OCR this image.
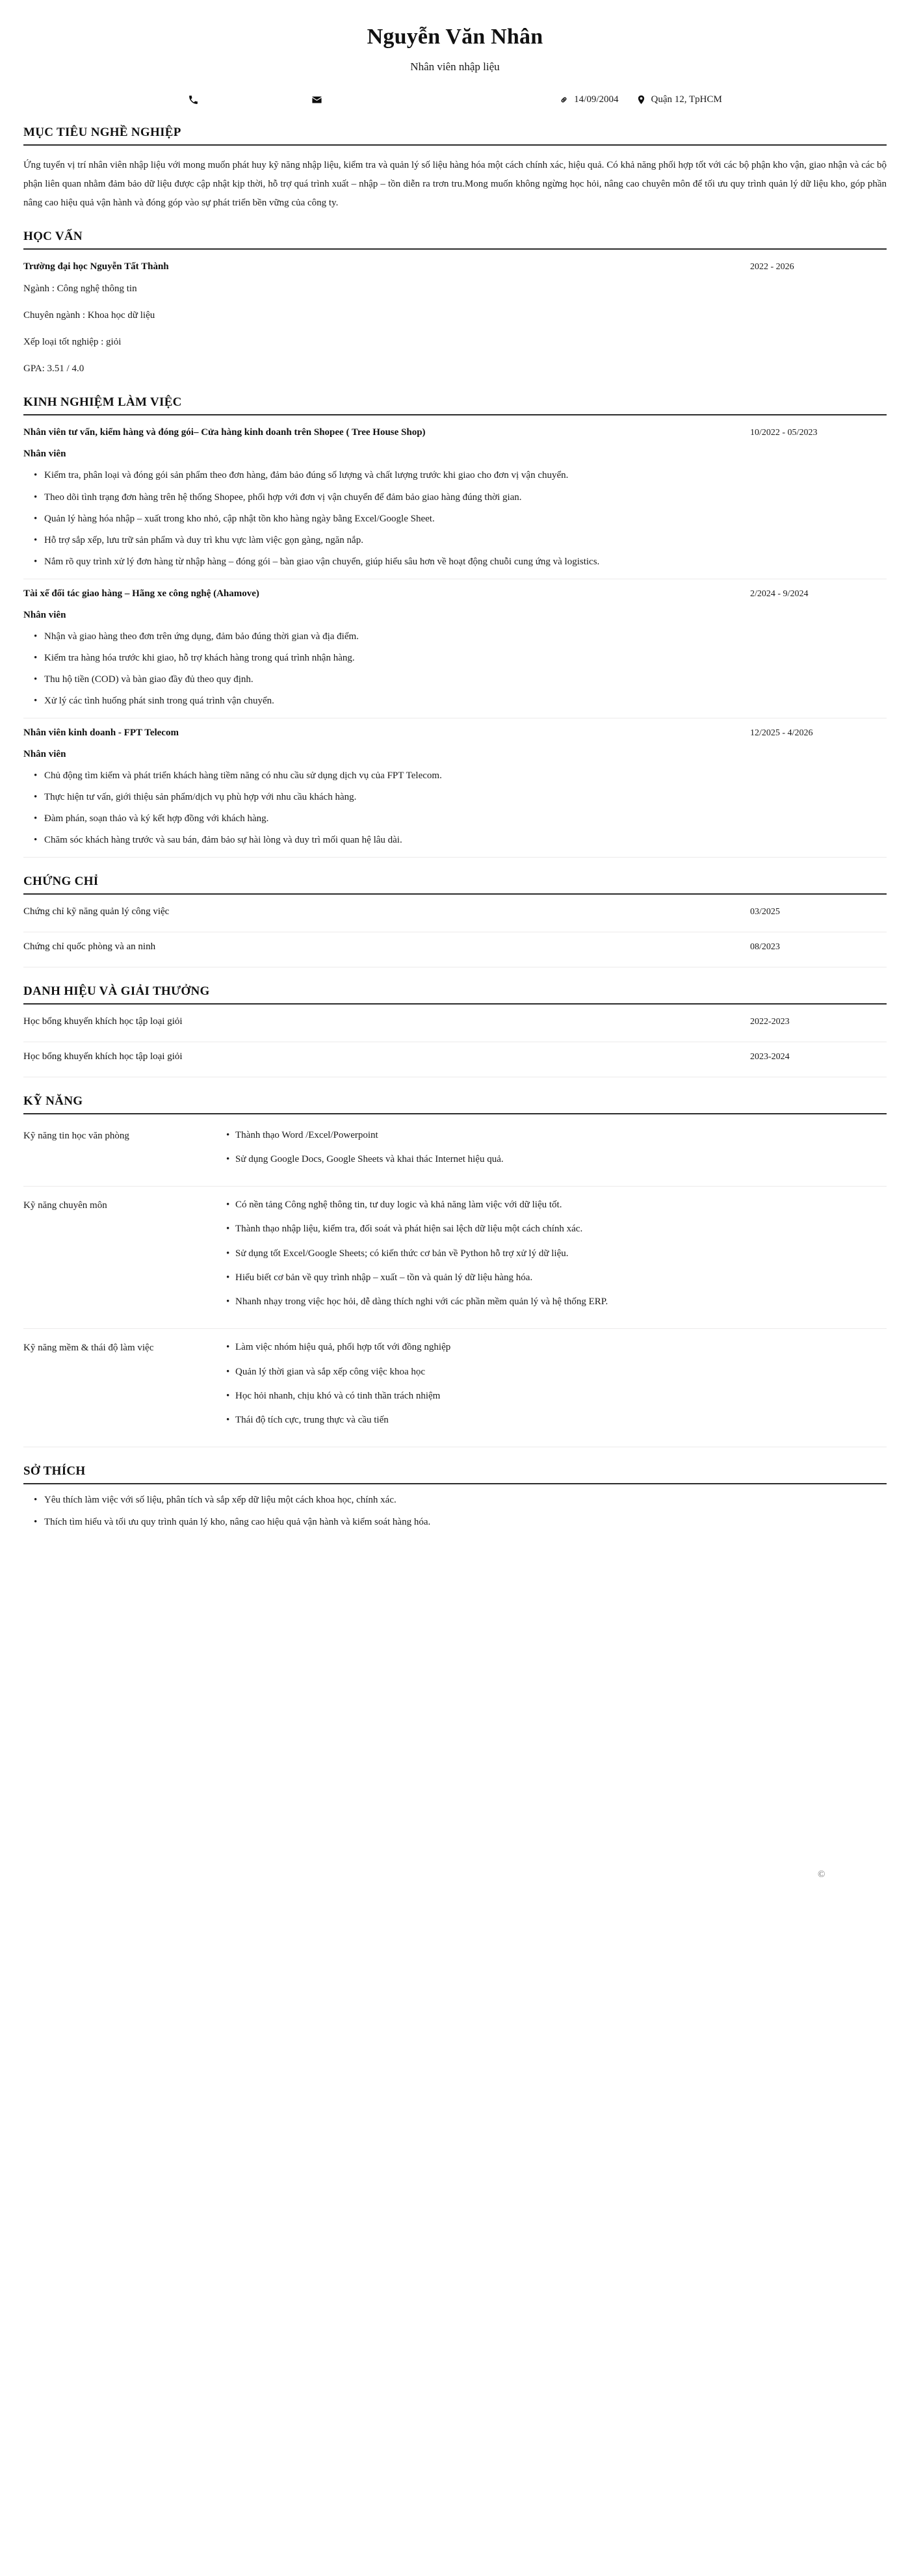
Nguyễn Văn Nhân
Nhân viên nhập liệu
14/09/2004	Quận 12, TpHCM
MỤC TIÊU NGHỀ NGHIỆP
Ứng tuyển vị trí nhân viên nhập liệu với mong muốn phát huy kỹ năng nhập liệu, kiểm tra và quản lý số liệu hàng hóa một cách chính xác, hiệu quả. Có khả năng phối hợp tốt với các bộ phận kho vận, giao nhận và các bộ phận liên quan nhằm đảm bảo dữ liệu được cập nhật kịp thời, hỗ trợ quá trình xuất – nhập – tồn diễn ra trơn tru.Mong muốn không ngừng học hỏi, nâng cao chuyên môn để tối ưu quy trình quản lý dữ liệu kho, góp phần nâng cao hiệu quả vận hành và đóng góp vào sự phát triển bền vững của công ty.
HỌC VẤN
Trường đại học Nguyễn Tất Thành	2022 - 2026
Ngành : Công nghệ thông tin
Chuyên ngành : Khoa học dữ liệu
Xếp loại tốt nghiệp : giỏi
GPA: 3.51 / 4.0
KINH NGHIỆM LÀM VIỆC
Nhân viên tư vấn, kiểm hàng và đóng gói– Cửa hàng kinh doanh trên Shopee ( Tree House Shop)	10/2022 - 05/2023
Nhân viên
• Kiểm tra, phân loại và đóng gói sản phẩm theo đơn hàng, đảm bảo đúng số lượng và chất lượng trước khi giao cho đơn vị vận chuyển.
• Theo dõi tình trạng đơn hàng trên hệ thống Shopee, phối hợp với đơn vị vận chuyển để đảm bảo giao hàng đúng thời gian.
• Quản lý hàng hóa nhập – xuất trong kho nhỏ, cập nhật tồn kho hàng ngày bằng Excel/Google Sheet.
• Hỗ trợ sắp xếp, lưu trữ sản phẩm và duy trì khu vực làm việc gọn gàng, ngăn nắp.
• Nắm rõ quy trình xử lý đơn hàng từ nhập hàng – đóng gói – bàn giao vận chuyển, giúp hiểu sâu hơn về hoạt động chuỗi cung ứng và logistics.
Tài xế đối tác giao hàng – Hãng xe công nghệ (Ahamove)	2/2024 - 9/2024
Nhân viên
• Nhận và giao hàng theo đơn trên ứng dụng, đảm bảo đúng thời gian và địa điểm.
• Kiểm tra hàng hóa trước khi giao, hỗ trợ khách hàng trong quá trình nhận hàng.
• Thu hộ tiền (COD) và bàn giao đầy đủ theo quy định.
• Xử lý các tình huống phát sinh trong quá trình vận chuyển.
Nhân viên kinh doanh - FPT Telecom	12/2025 - 4/2026
Nhân viên
• Chủ động tìm kiếm và phát triển khách hàng tiềm năng có nhu cầu sử dụng dịch vụ của FPT Telecom.
• Thực hiện tư vấn, giới thiệu sản phẩm/dịch vụ phù hợp với nhu cầu khách hàng.
• Đàm phán, soạn thảo và ký kết hợp đồng với khách hàng.
• Chăm sóc khách hàng trước và sau bán, đảm bảo sự hài lòng và duy trì mối quan hệ lâu dài.
CHỨNG CHỈ
Chứng chỉ kỹ năng quản lý công việc	03/2025
Chứng chỉ quốc phòng và an ninh	08/2023
DANH HIỆU VÀ GIẢI THƯỞNG
Học bổng khuyến khích học tập loại giỏi	2022-2023
Học bổng khuyến khích học tập loại giỏi	2023-2024
KỸ NĂNG
Kỹ năng tin học văn phòng	• Thành thạo Word /Excel/Powerpoint
• Sử dụng Google Docs, Google Sheets và khai thác Internet hiệu quả.
Kỹ năng chuyên môn	• Có nền tảng Công nghệ thông tin, tư duy logic và khả năng làm việc với dữ liệu tốt.
• Thành thạo nhập liệu, kiểm tra, đối soát và phát hiện sai lệch dữ liệu một cách chính xác.
• Sử dụng tốt Excel/Google Sheets; có kiến thức cơ bản về Python hỗ trợ xử lý dữ liệu.
• Hiểu biết cơ bản về quy trình nhập – xuất – tồn và quản lý dữ liệu hàng hóa.
• Nhanh nhạy trong việc học hỏi, dễ dàng thích nghi với các phần mềm quản lý và hệ thống ERP.
Kỹ năng mềm & thái độ làm việc	• Làm việc nhóm hiệu quả, phối hợp tốt với đồng nghiệp
• Quản lý thời gian và sắp xếp công việc khoa học
• Học hỏi nhanh, chịu khó và có tinh thần trách nhiệm
• Thái độ tích cực, trung thực và cầu tiến
SỞ THÍCH
• Yêu thích làm việc với số liệu, phân tích và sắp xếp dữ liệu một cách khoa học, chính xác.
• Thích tìm hiểu và tối ưu quy trình quản lý kho, nâng cao hiệu quả vận hành và kiểm soát hàng hóa.
©
